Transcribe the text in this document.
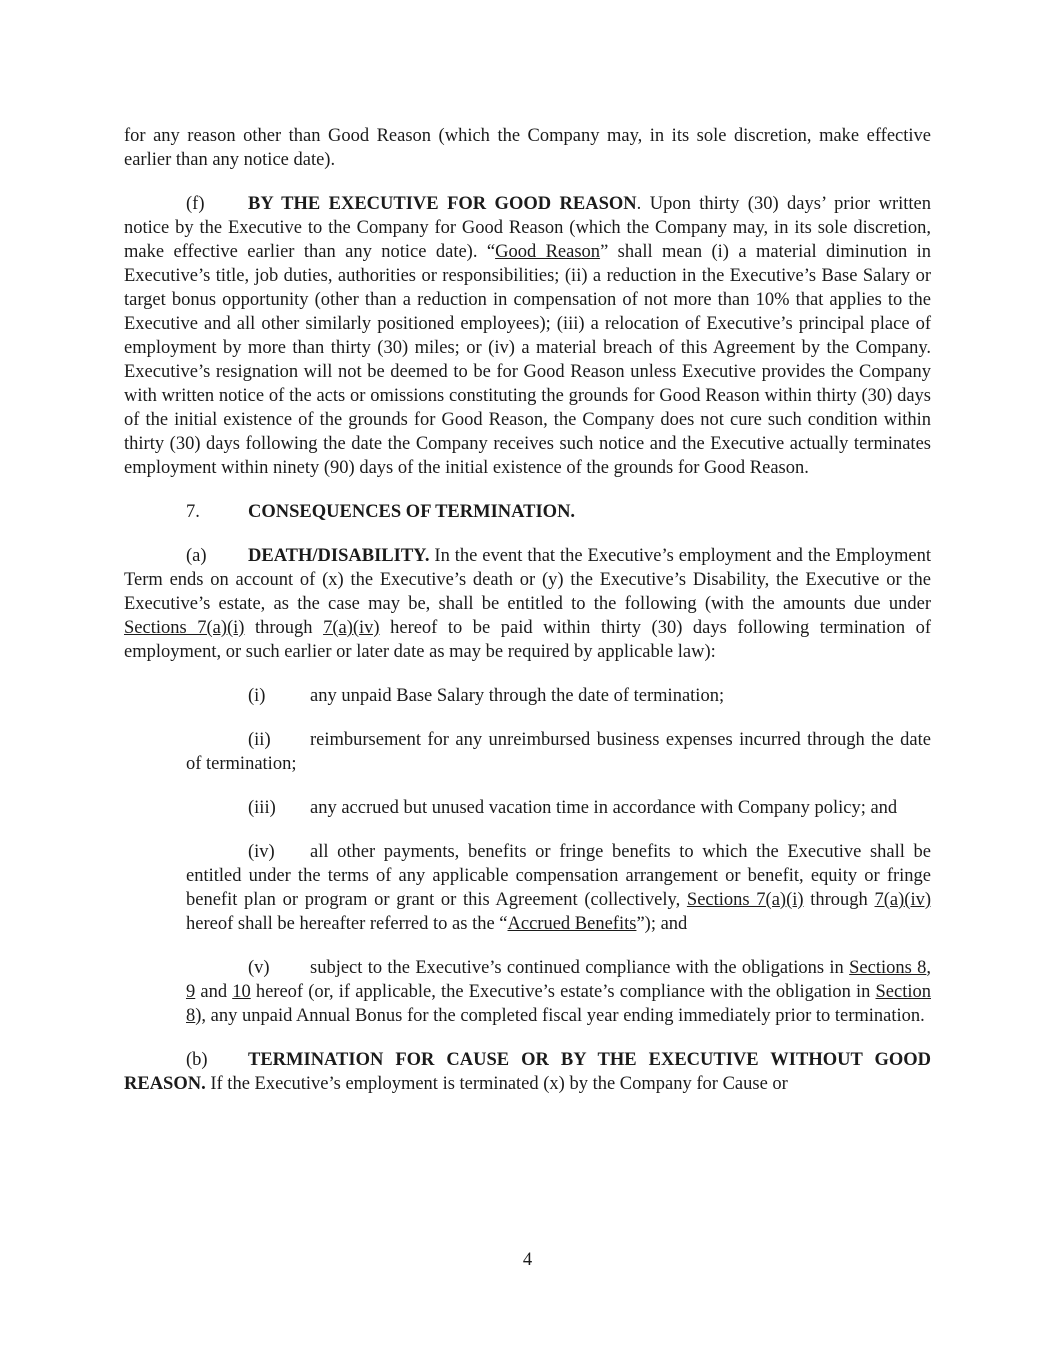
for any reason other than Good Reason (which the Company may, in its sole discretion, make effective earlier than any notice date).

(f) BY THE EXECUTIVE FOR GOOD REASON. Upon thirty (30) days’ prior written notice by the Executive to the Company for Good Reason (which the Company may, in its sole discretion, make effective earlier than any notice date). “Good Reason” shall mean (i) a material diminution in Executive’s title, job duties, authorities or responsibilities; (ii) a reduction in the Executive’s Base Salary or target bonus opportunity (other than a reduction in compensation of not more than 10% that applies to the Executive and all other similarly positioned employees); (iii) a relocation of Executive’s principal place of employment by more than thirty (30) miles; or (iv) a material breach of this Agreement by the Company. Executive’s resignation will not be deemed to be for Good Reason unless Executive provides the Company with written notice of the acts or omissions constituting the grounds for Good Reason within thirty (30) days of the initial existence of the grounds for Good Reason, the Company does not cure such condition within thirty (30) days following the date the Company receives such notice and the Executive actually terminates employment within ninety (90) days of the initial existence of the grounds for Good Reason.

7.	CONSEQUENCES OF TERMINATION.

(a) DEATH/DISABILITY. In the event that the Executive’s employment and the Employment Term ends on account of (x) the Executive’s death or (y) the Executive’s Disability, the Executive or the Executive’s estate, as the case may be, shall be entitled to the following (with the amounts due under Sections 7(a)(i) through 7(a)(iv) hereof to be paid within thirty (30) days following termination of employment, or such earlier or later date as may be required by applicable law):

(i) any unpaid Base Salary through the date of termination;

(ii) reimbursement for any unreimbursed business expenses incurred through the date of termination;

(iii) any accrued but unused vacation time in accordance with Company policy; and

(iv) all other payments, benefits or fringe benefits to which the Executive shall be entitled under the terms of any applicable compensation arrangement or benefit, equity or fringe benefit plan or program or grant or this Agreement (collectively, Sections 7(a)(i) through 7(a)(iv) hereof shall be hereafter referred to as the “Accrued Benefits”); and

(v) subject to the Executive’s continued compliance with the obligations in Sections 8, 9 and 10 hereof (or, if applicable, the Executive’s estate’s compliance with the obligation in Section 8), any unpaid Annual Bonus for the completed fiscal year ending immediately prior to termination.

(b) TERMINATION FOR CAUSE OR BY THE EXECUTIVE WITHOUT GOOD REASON. If the Executive’s employment is terminated (x) by the Company for Cause or

4
